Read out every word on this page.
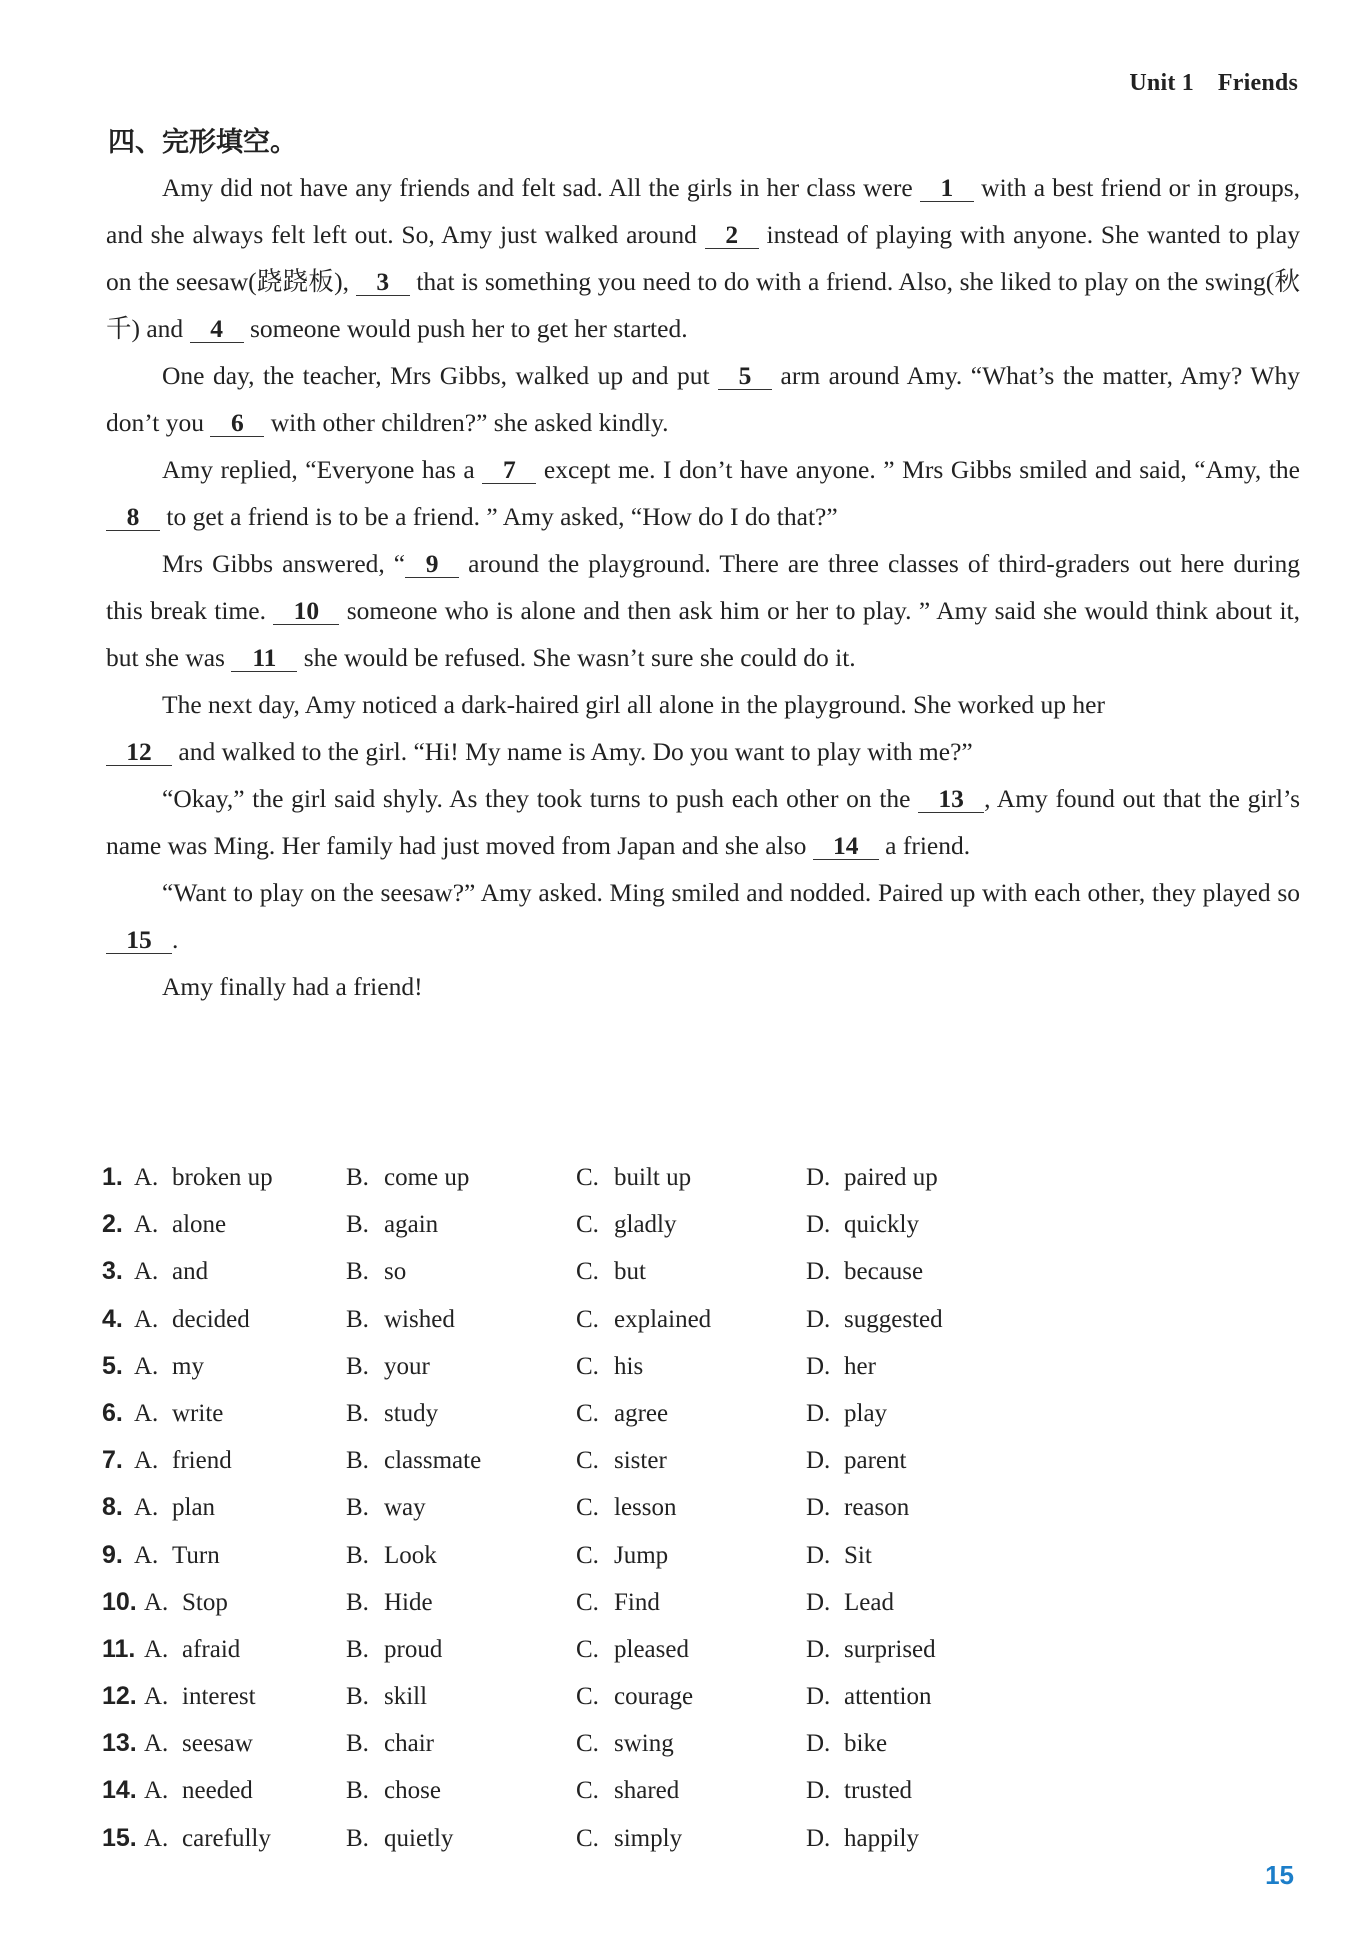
Unit 1 Friends
四、完形填空。

Amy did not have any friends and felt sad. All the girls in her class were 1 with a best friend or in groups, and she always felt left out. So, Amy just walked around 2 instead of playing with anyone. She wanted to play on the seesaw(跷跷板), 3 that is something you need to do with a friend. Also, she liked to play on the swing(秋千) and 4 someone would push her to get her started.

One day, the teacher, Mrs Gibbs, walked up and put 5 arm around Amy. “What’s the matter, Amy? Why don’t you 6 with other children?” she asked kindly.

Amy replied, “Everyone has a 7 except me. I don’t have anyone. ” Mrs Gibbs smiled and said, “Amy, the 8 to get a friend is to be a friend. ” Amy asked, “How do I do that?”

Mrs Gibbs answered, “ 9 around the playground. There are three classes of third-graders out here during this break time. 10 someone who is alone and then ask him or her to play. ” Amy said she would think about it, but she was 11 she would be refused. She wasn’t sure she could do it.

The next day, Amy noticed a dark-haired girl all alone in the playground. She worked up her
12 and walked to the girl. “Hi! My name is Amy. Do you want to play with me?”

“Okay,” the girl said shyly. As they took turns to push each other on the 13 , Amy found out that the girl’s name was Ming. Her family had just moved from Japan and she also 14 a friend.

“Want to play on the seesaw?” Amy asked. Ming smiled and nodded. Paired up with each other, they played so 15 .

Amy finally had a friend!

1. A. broken up	B. come up	C. built up	D. paired up
2. A. alone	B. again	C. gladly	D. quickly
3. A. and	B. so	C. but	D. because
4. A. decided	B. wished	C. explained	D. suggested
5. A. my	B. your	C. his	D. her
6. A. write	B. study	C. agree	D. play
7. A. friend	B. classmate	C. sister	D. parent
8. A. plan	B. way	C. lesson	D. reason
9. A. Turn	B. Look	C. Jump	D. Sit
10. A. Stop	B. Hide	C. Find	D. Lead
11. A. afraid	B. proud	C. pleased	D. surprised
12. A. interest	B. skill	C. courage	D. attention
13. A. seesaw	B. chair	C. swing	D. bike
14. A. needed	B. chose	C. shared	D. trusted
15. A. carefully	B. quietly	C. simply	D. happily
15
